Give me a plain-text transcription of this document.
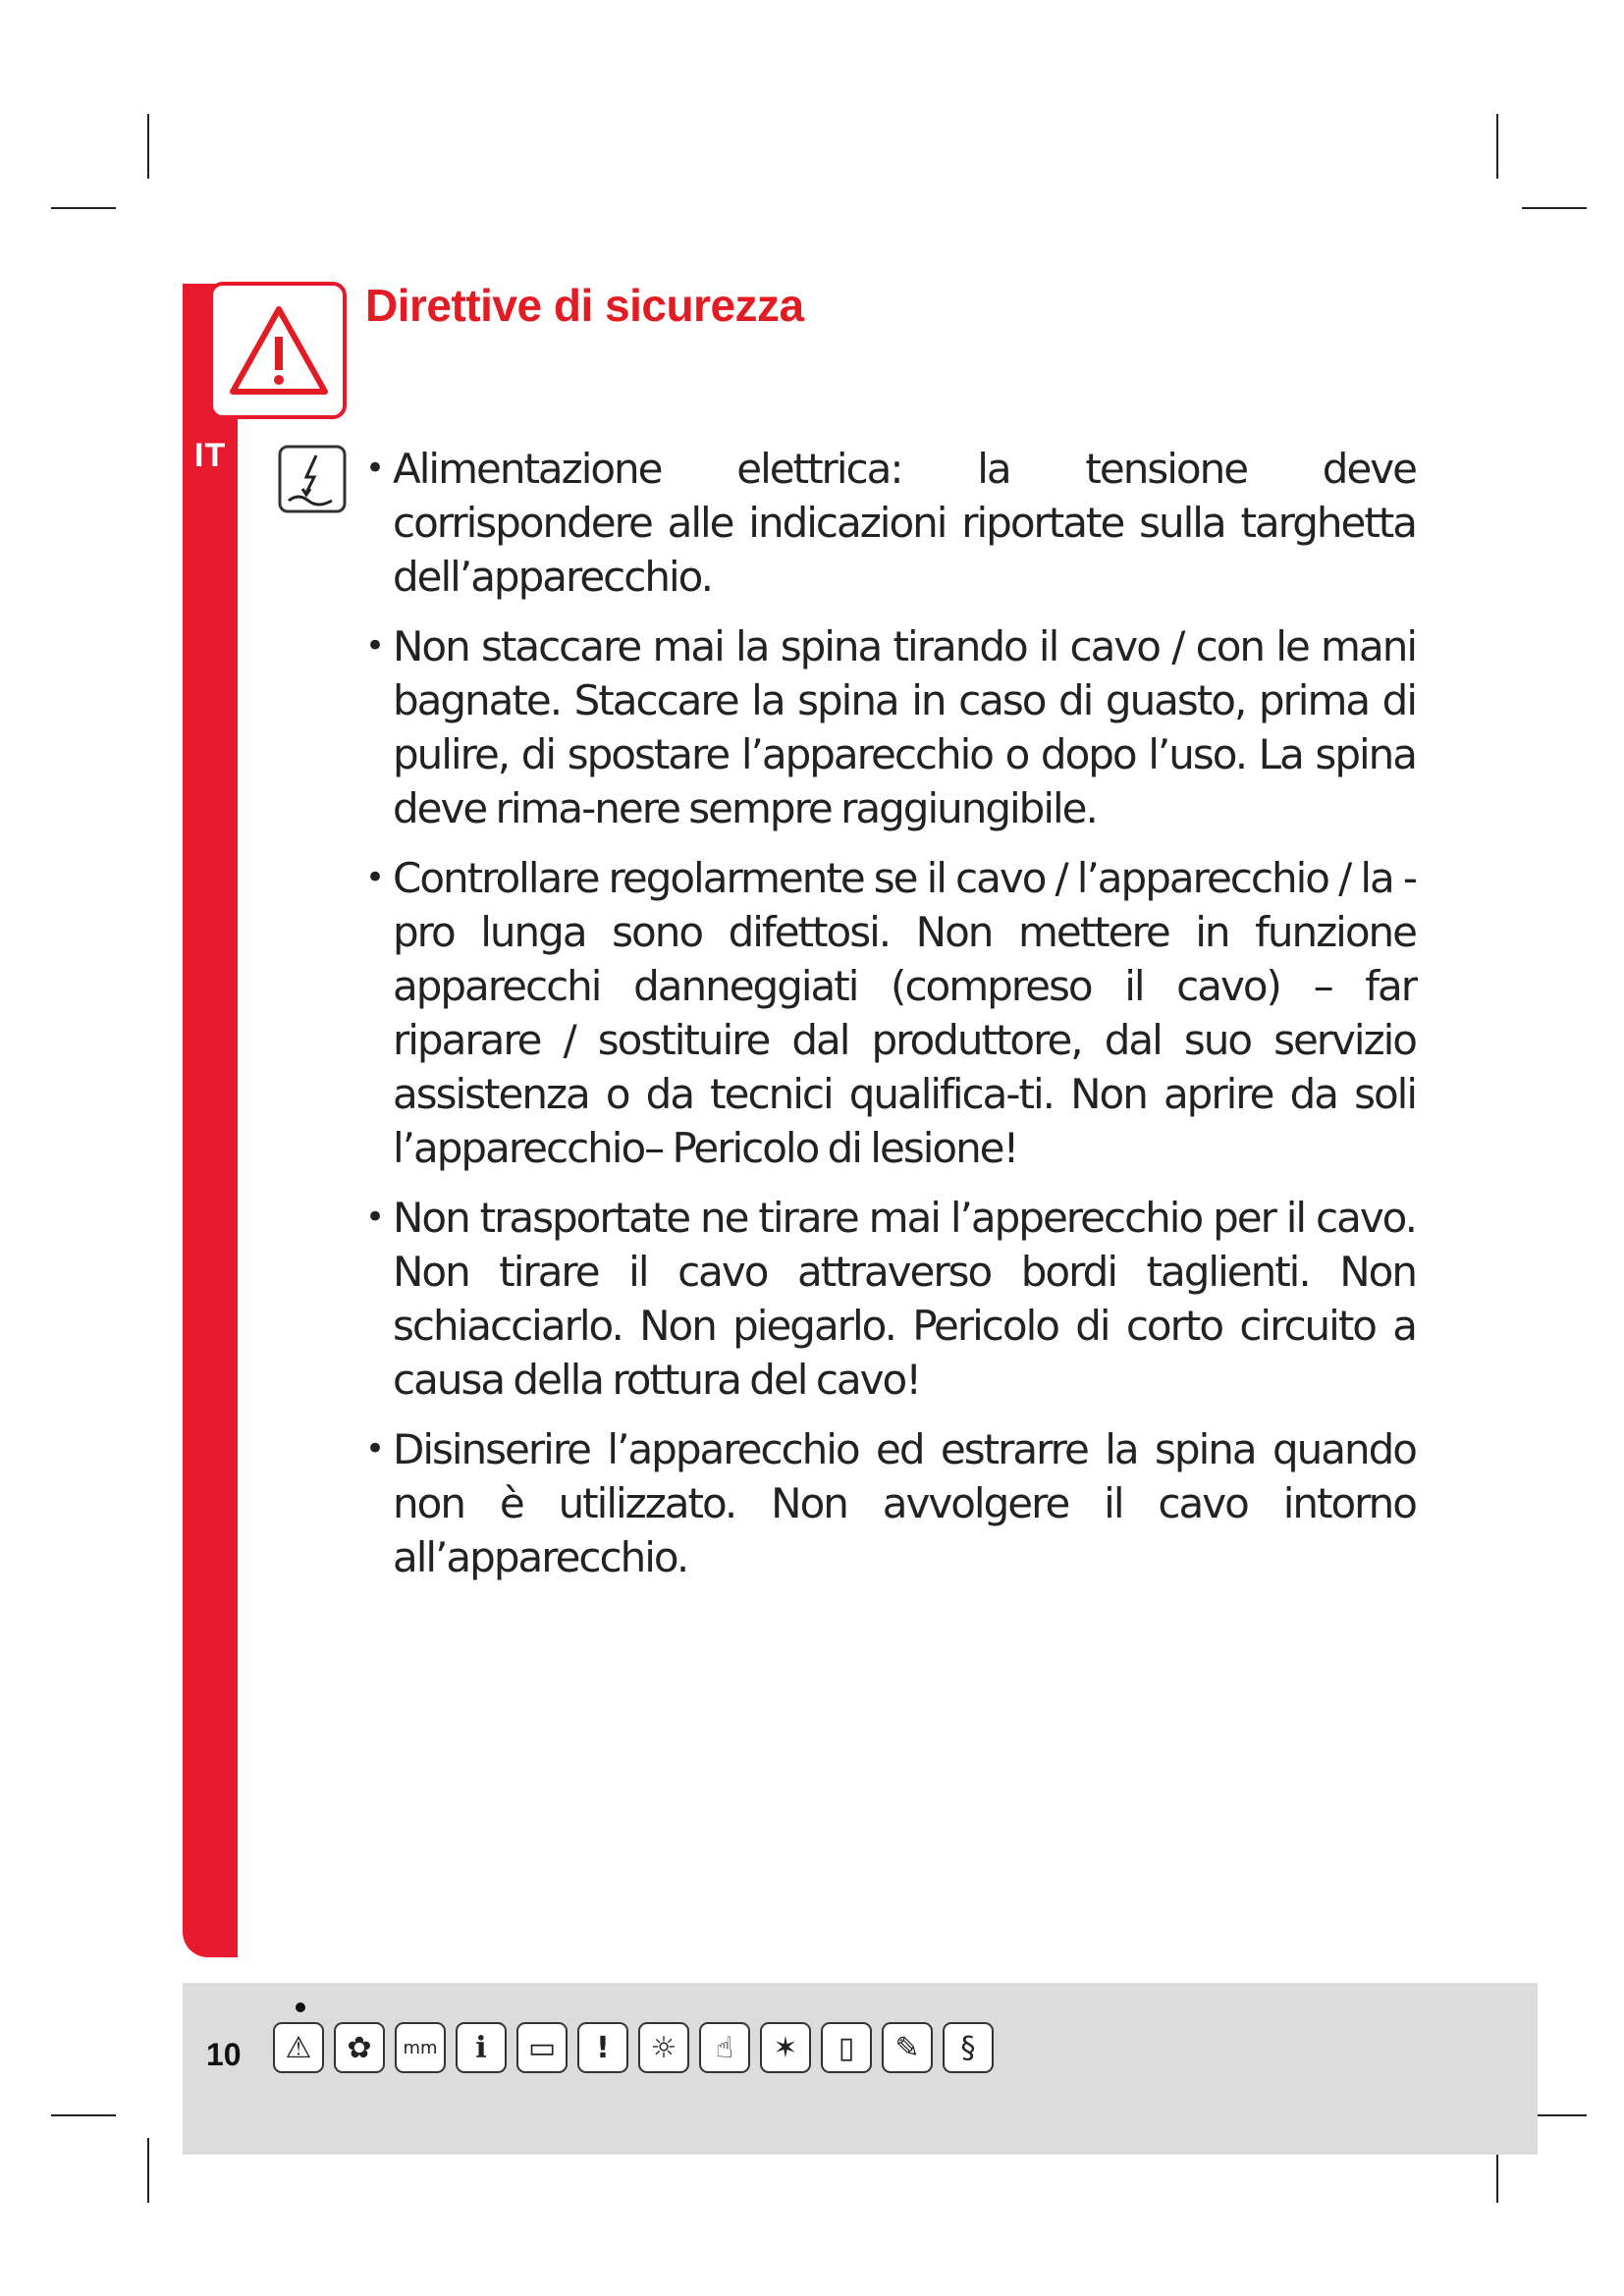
IT
Direttive di sicurezza
• Alimentazione elettrica: la tensione deve corrispondere alle indicazioni riportate sulla targhetta dell’apparecchio.
• Non staccare mai la spina tirando il cavo / con le mani bagnate. Staccare la spina in caso di guasto, prima di pulire, di spostare l’apparecchio o dopo l’uso. La spina deve rima-nere sempre raggiungibile.
• Controllare regolarmente se il cavo / l’apparecchio / la -pro lunga sono difettosi. Non mettere in funzione apparecchi danneggiati (compreso il cavo) – far riparare / sostituire dal produttore, dal suo servizio assistenza o da tecnici qualifica-ti. Non aprire da soli l’apparecchio– Pericolo di lesione!
• Non trasportate ne tirare mai l’apperecchio per il cavo. Non tirare il cavo attraverso bordi taglienti. Non schiacciarlo. Non piegarlo. Pericolo di corto circuito a causa della rottura del cavo!
• Disinserire l’apparecchio ed estrarre la spina quando non è utilizzato. Non avvolgere il cavo intorno all’apparecchio.
10	⚠	✿	mm	i	▭	!	☼	☝	✶	▯	✎	§
